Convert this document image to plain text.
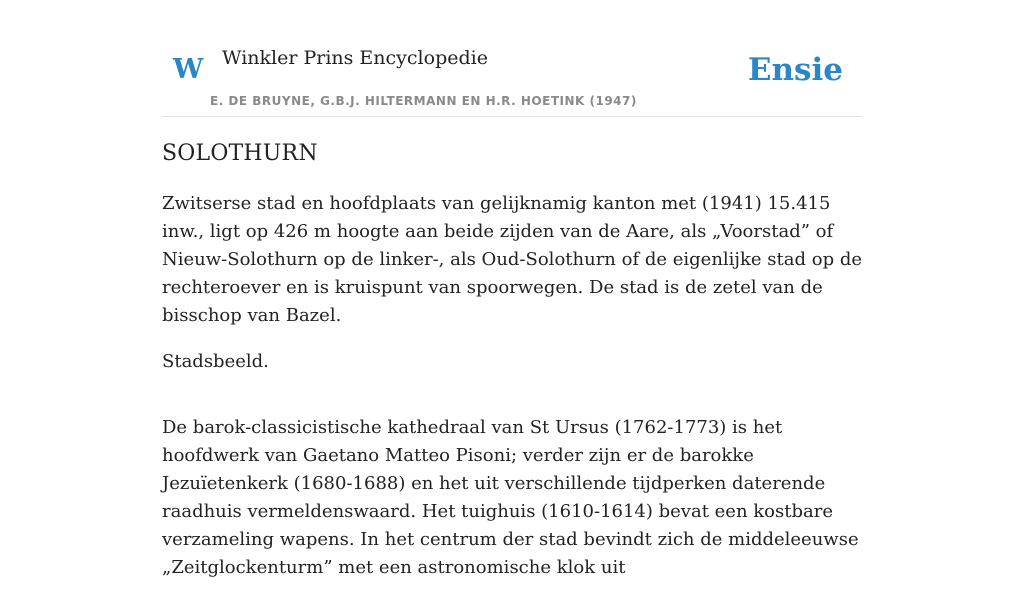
W Winkler Prins Encyclopedie
E. DE BRUYNE, G.B.J. HILTERMANN EN H.R. HOETINK (1947)
Ensie
SOLOTHURN

Zwitserse stad en hoofdplaats van gelijknamig kanton met (1941) 15.415 inw., ligt op 426 m hoogte aan beide zijden van de Aare, als „Voorstad” of Nieuw-Solothurn op de linker-, als Oud-Solothurn of de eigenlijke stad op de rechteroever en is kruispunt van spoorwegen. De stad is de zetel van de bisschop van Bazel.

Stadsbeeld.

De barok-classicistische kathedraal van St Ursus (1762-1773) is het hoofdwerk van Gaetano Matteo Pisoni; verder zijn er de barokke Jezuïetenkerk (1680-1688) en het uit verschillende tijdperken daterende raadhuis vermeldenswaard. Het tuighuis (1610-1614) bevat een kostbare verzameling wapens. In het centrum der stad bevindt zich de middeleeuwse „Zeitglockenturm” met een astronomische klok uit
